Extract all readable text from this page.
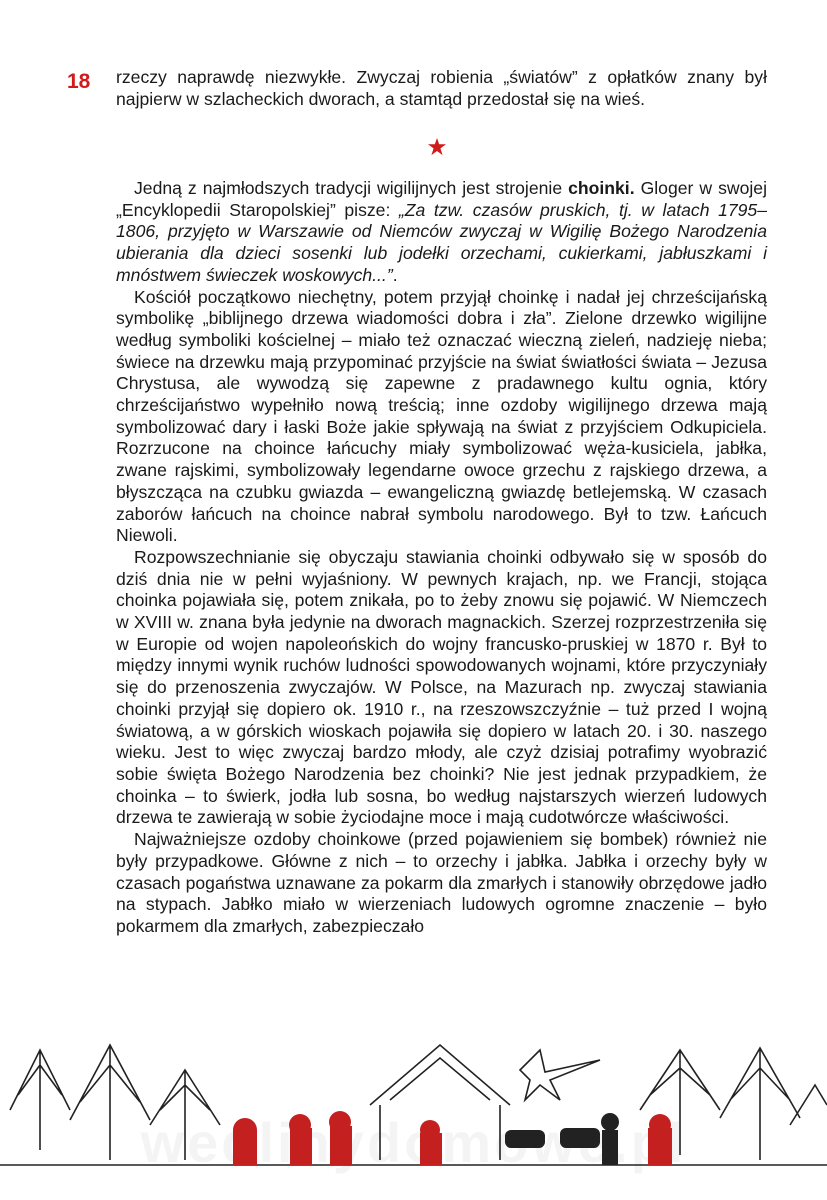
18 rzeczy naprawdę niezwykłe. Zwyczaj robienia „światów” z opłatków znany był najpierw w szlacheckich dworach, a stamtąd przedostał się na wieś.

Jedną z najmłodszych tradycji wigilijnych jest strojenie choinki. Gloger w swojej „Encyklopedii Staropolskiej” pisze: „Za tzw. czasów pruskich, tj. w latach 1795–1806, przyjęto w Warszawie od Niemców zwyczaj w Wigilię Bożego Narodzenia ubierania dla dzieci sosenki lub jodełki orzechami, cukierkami, jabłuszkami i mnóstwem świeczek woskowych...”.

Kościół początkowo niechętny, potem przyjął choinkę i nadał jej chrześcijańską symbolikę „biblijnego drzewa wiadomości dobra i zła”. Zielone drzewko wigilijne według symboliki kościelnej – miało też oznaczać wieczną zieleń, nadzieję nieba; świece na drzewku mają przypominać przyjście na świat światłości świata – Jezusa Chrystusa, ale wywodzą się zapewne z pradawnego kultu ognia, który chrześcijaństwo wypełniło nową treścią; inne ozdoby wigilijnego drzewa mają symbolizować dary i łaski Boże jakie spływają na świat z przyjściem Odkupiciela. Rozrzucone na choince łańcuchy miały symbolizować węża-kusiciela, jabłka, zwane rajskimi, symbolizowały legendarne owoce grzechu z rajskiego drzewa, a błyszcząca na czubku gwiazda – ewangeliczną gwiazdę betlejemską. W czasach zaborów łańcuch na choince nabrał symbolu narodowego. Był to tzw. Łańcuch Niewoli.

Rozpowszechnianie się obyczaju stawiania choinki odbywało się w sposób do dziś dnia nie w pełni wyjaśniony. W pewnych krajach, np. we Francji, stojąca choinka pojawiała się, potem znikała, po to żeby znowu się pojawić. W Niemczech w XVIII w. znana była jedynie na dworach magnackich. Szerzej rozprzestrzeniła się w Europie od wojen napoleońskich do wojny francusko-pruskiej w 1870 r. Był to między innymi wynik ruchów ludności spowodowanych wojnami, które przyczyniały się do przenoszenia zwyczajów. W Polsce, na Mazurach np. zwyczaj stawiania choinki przyjął się dopiero ok. 1910 r., na rzeszowszczyźnie – tuż przed I wojną światową, a w górskich wioskach pojawiła się dopiero w latach 20. i 30. naszego wieku. Jest to więc zwyczaj bardzo młody, ale czyż dzisiaj potrafimy wyobrazić sobie święta Bożego Narodzenia bez choinki? Nie jest jednak przypadkiem, że choinka – to świerk, jodła lub sosna, bo według najstarszych wierzeń ludowych drzewa te zawierają w sobie życiodajne moce i mają cudotwórcze właściwości.

Najważniejsze ozdoby choinkowe (przed pojawieniem się bombek) również nie były przypadkowe. Główne z nich – to orzechy i jabłka. Jabłka i orzechy były w czasach pogaństwa uznawane za pokarm dla zmarłych i stanowiły obrzędowe jadło na stypach. Jabłko miało w wierzeniach ludowych ogromne znaczenie – było pokarmem dla zmarłych, zabezpieczało
